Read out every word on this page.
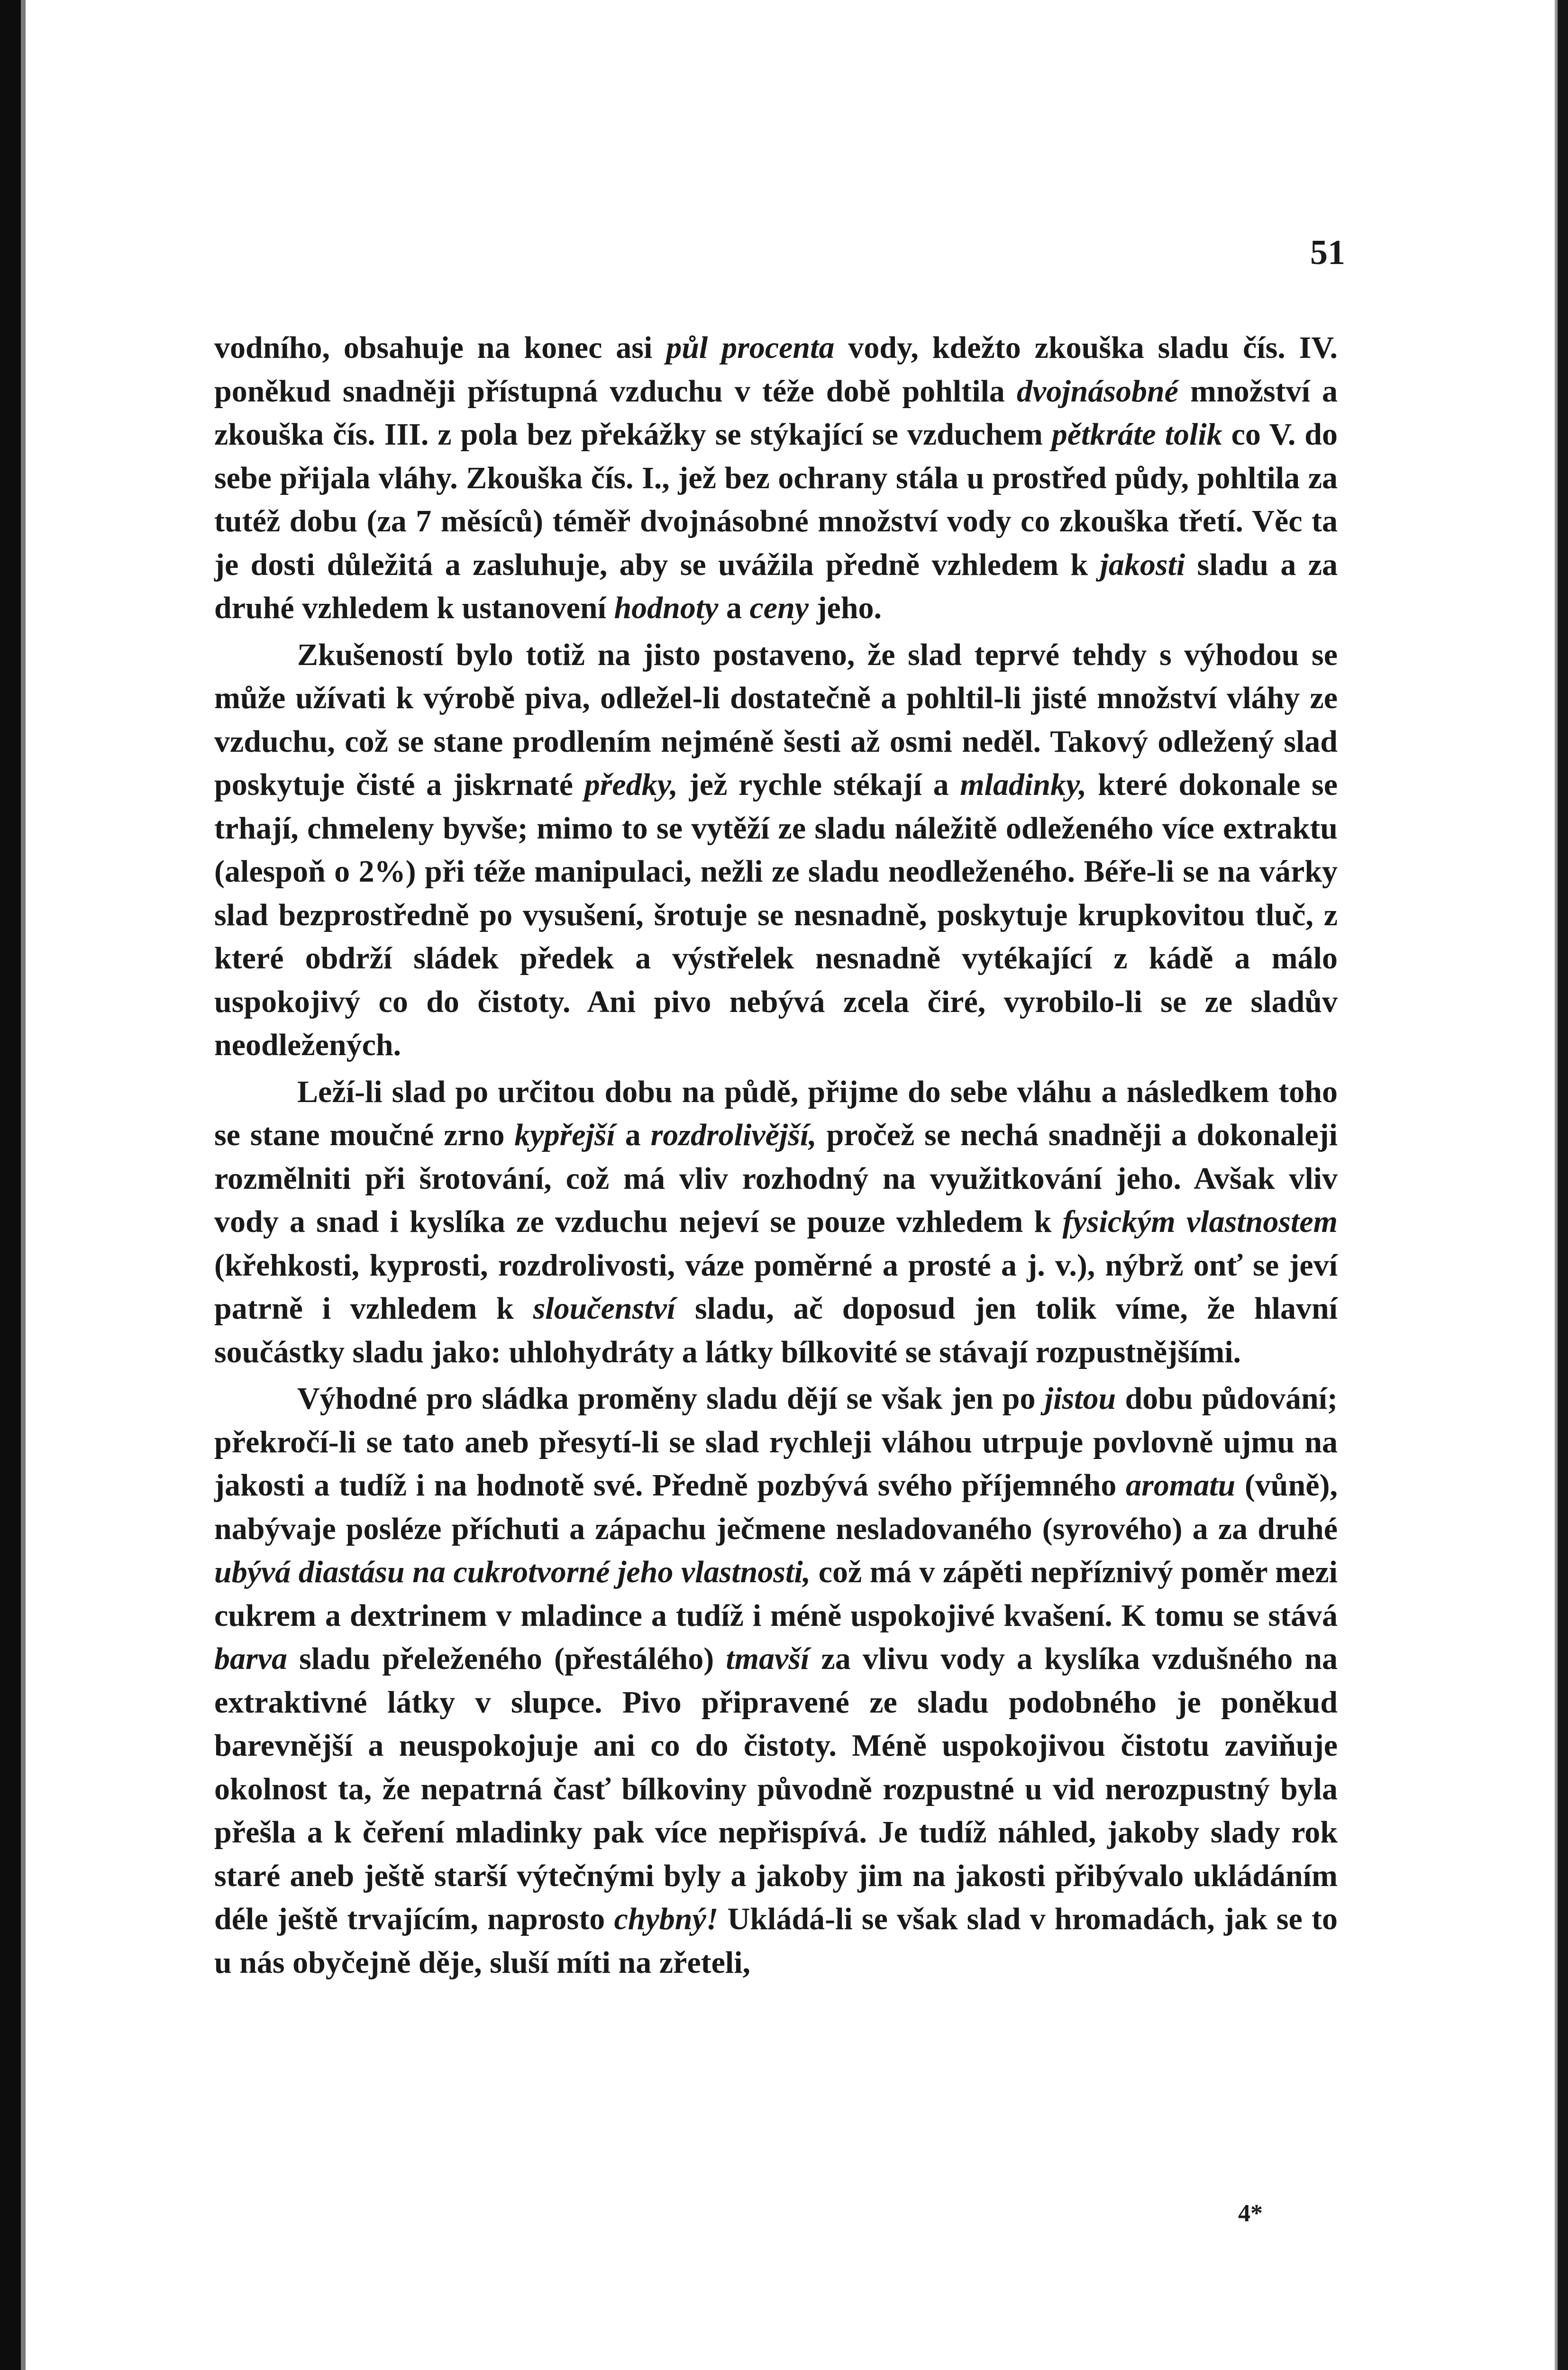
51

vodního, obsahuje na konec asi půl procenta vody, kdežto zkouška sladu čís. IV. poněkud snadněji přístupná vzduchu v téže době pohltila dvojnásobné množství a zkouška čís. III. z pola bez překážky se stýkající se vzduchem pětkráte tolik co V. do sebe přijala vláhy. Zkouška čís. I., jež bez ochrany stála u prostřed půdy, pohltila za tutéž dobu (za 7 měsíců) téměř dvojnásobné množství vody co zkouška třetí. Věc ta je dosti důležitá a zasluhuje, aby se uvážila předně vzhledem k jakosti sladu a za druhé vzhledem k ustanovení hodnoty a ceny jeho.

Zkušeností bylo totiž na jisto postaveno, že slad teprvé tehdy s výhodou se může užívati k výrobě piva, odležel-li dostatečně a pohltil-li jisté množství vláhy ze vzduchu, což se stane prodlením nejméně šesti až osmi neděl. Takový odležený slad poskytuje čisté a jiskrnaté předky, jež rychle stékají a mladinky, které dokonale se trhají, chmeleny byvše; mimo to se vytěží ze sladu náležitě odleženého více extraktu (alespoň o 2%) při téže manipulaci, nežli ze sladu neodleženého. Béře-li se na várky slad bezprostředně po vysušení, šrotuje se nesnadně, poskytuje krupkovitou tluč, z které obdrží sládek předek a výstřelek nesnadně vytékající z kádě a málo uspokojivý co do čistoty. Ani pivo nebývá zcela čiré, vyrobilo-li se ze sladův neodležených.

Leží-li slad po určitou dobu na půdě, přijme do sebe vláhu a následkem toho se stane moučné zrno kypřejší a rozdrolivější, pročež se nechá snadněji a dokonaleji rozmělniti při šrotování, což má vliv rozhodný na využitkování jeho. Avšak vliv vody a snad i kyslíka ze vzduchu nejeví se pouze vzhledem k fysickým vlastnostem (křehkosti, kyprosti, rozdrolivosti, váze poměrné a prosté a j. v.), nýbrž onť se jeví patrně i vzhledem k sloučenství sladu, ač doposud jen tolik víme, že hlavní součástky sladu jako: uhlohydráty a látky bílkovité se stávají rozpustnějšími.

Výhodné pro sládka proměny sladu dějí se však jen po jistou dobu půdování; překročí-li se tato aneb přesytí-li se slad rychleji vláhou utrpuje povlovně ujmu na jakosti a tudíž i na hodnotě své. Předně pozbývá svého příjemného aromatu (vůně), nabývaje posléze příchuti a zápachu ječmene nesladovaného (syrového) a za druhé ubývá diastásu na cukrotvorné jeho vlastnosti, což má v zápěti nepříznivý poměr mezi cukrem a dextrinem v mladince a tudíž i méně uspokojivé kvašení. K tomu se stává barva sladu přeleženého (přestálého) tmavší za vlivu vody a kyslíka vzdušného na extraktivné látky v slupce. Pivo připravené ze sladu podobného je poněkud barevnější a neuspokojuje ani co do čistoty. Méně uspokojivou čistotu zaviňuje okolnost ta, že nepatrná časť bílkoviny původně rozpustné u vid nerozpustný byla přešla a k čeření mladinky pak více nepřispívá. Je tudíž náhled, jakoby slady rok staré aneb ještě starší výtečnými byly a jakoby jim na jakosti přibývalo ukládáním déle ještě trvajícím, naprosto chybný! Ukládá-li se však slad v hromadách, jak se to u nás obyčejně děje, sluší míti na zřeteli,

4*
